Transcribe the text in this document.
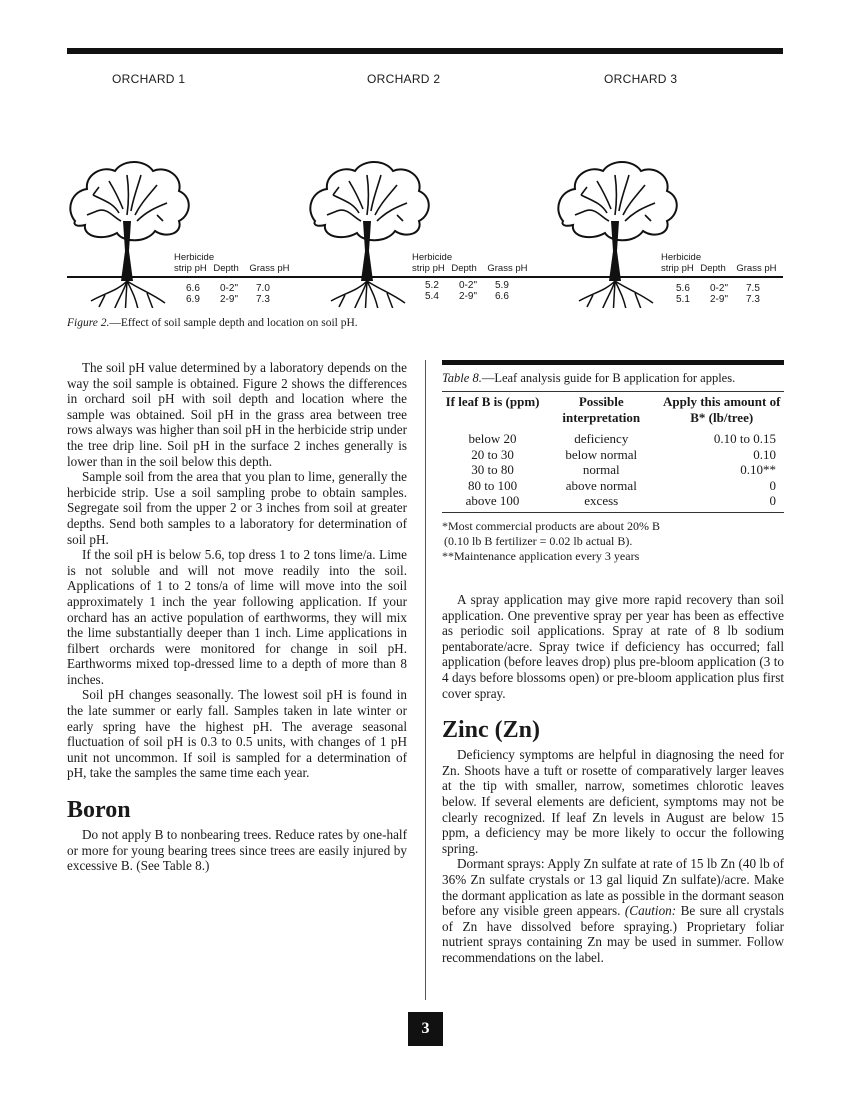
ORCHARD 1	ORCHARD 2	ORCHARD 3
Herbicide
strip pH Depth Grass pH
6.6 0-2" 7.0
6.9 2-9" 7.3
Herbicide
strip pH Depth Grass pH
5.2 0-2" 5.9
5.4 2-9" 6.6
Herbicide
strip pH Depth Grass pH
5.6 0-2" 7.5
5.1 2-9" 7.3
Figure 2.—Effect of soil sample depth and location on soil pH.

The soil pH value determined by a laboratory depends on the way the soil sample is obtained. Figure 2 shows the differences in orchard soil pH with soil depth and location where the sample was obtained. Soil pH in the grass area between tree rows always was higher than soil pH in the herbicide strip under the tree drip line. Soil pH in the surface 2 inches generally is lower than in the soil below this depth.

Sample soil from the area that you plan to lime, generally the herbicide strip. Use a soil sampling probe to obtain samples. Segregate soil from the upper 2 or 3 inches from soil at greater depths. Send both samples to a laboratory for determination of soil pH.

If the soil pH is below 5.6, top dress 1 to 2 tons lime/a. Lime is not soluble and will not move readily into the soil. Applications of 1 to 2 tons/a of lime will move into the soil approximately 1 inch the year following application. If your orchard has an active population of earthworms, they will mix the lime substantially deeper than 1 inch. Lime applications in filbert orchards were monitored for change in soil pH. Earthworms mixed top-dressed lime to a depth of more than 8 inches.

Soil pH changes seasonally. The lowest soil pH is found in the late summer or early fall. Samples taken in late winter or early spring have the highest pH. The average seasonal fluctuation of soil pH is 0.3 to 0.5 units, with changes of 1 pH unit not uncommon. If soil is sampled for a determination of pH, take the samples the same time each year.

Boron

Do not apply B to nonbearing trees. Reduce rates by one-half or more for young bearing trees since trees are easily injured by excessive B. (See Table 8.)

Table 8.—Leaf analysis guide for B application for apples.
If leaf B is (ppm)	Possible interpretation	Apply this amount of B* (lb/tree)
below 20	deficiency	0.10 to 0.15
20 to 30	below normal	0.10
30 to 80	normal	0.10**
80 to 100	above normal	0
above 100	excess	0
*Most commercial products are about 20% B
(0.10 lb B fertilizer = 0.02 lb actual B).
**Maintenance application every 3 years

A spray application may give more rapid recovery than soil application. One preventive spray per year has been as effective as periodic soil applications. Spray at rate of 8 lb sodium pentaborate/acre. Spray twice if deficiency has occurred; fall application (before leaves drop) plus pre-bloom application (3 to 4 days before blossoms open) or pre-bloom application plus first cover spray.

Zinc (Zn)

Deficiency symptoms are helpful in diagnosing the need for Zn. Shoots have a tuft or rosette of comparatively larger leaves at the tip with smaller, narrow, sometimes chlorotic leaves below. If several elements are deficient, symptoms may not be clearly recognized. If leaf Zn levels in August are below 15 ppm, a deficiency may be more likely to occur the following spring.

Dormant sprays: Apply Zn sulfate at rate of 15 lb Zn (40 lb of 36% Zn sulfate crystals or 13 gal liquid Zn sulfate)/acre. Make the dormant application as late as possible in the dormant season before any visible green appears. (Caution: Be sure all crystals of Zn have dissolved before spraying.) Proprietary foliar nutrient sprays containing Zn may be used in summer. Follow recommendations on the label.

3
